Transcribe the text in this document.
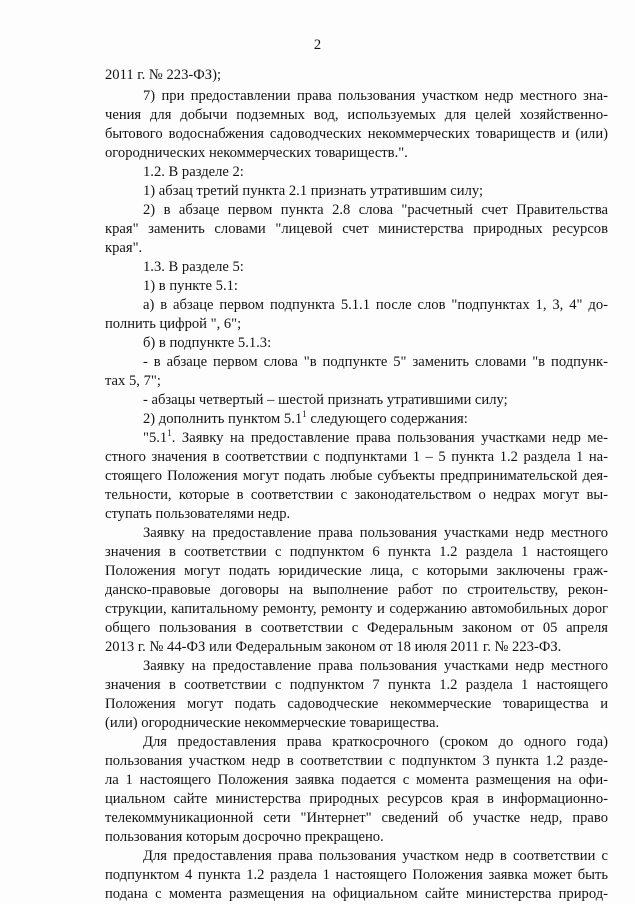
2
2011 г. № 223-ФЗ);
7) при предоставлении права пользования участком недр местного зна-
чения для добычи подземных вод, используемых для целей хозяйственно-
бытового водоснабжения садоводческих некоммерческих товариществ и (или)
огороднических некоммерческих товариществ.".
1.2. В разделе 2:
1) абзац третий пункта 2.1 признать утратившим силу;
2) в абзаце первом пункта 2.8 слова "расчетный счет Правительства
края" заменить словами "лицевой счет министерства природных ресурсов
края".
1.3. В разделе 5:
1) в пункте 5.1:
а) в абзаце первом подпункта 5.1.1 после слов "подпунктах 1, 3, 4" до-
полнить цифрой ", 6";
б) в подпункте 5.1.3:
- в абзаце первом слова "в подпункте 5" заменить словами "в подпунк-
тах 5, 7";
- абзацы четвертый – шестой признать утратившими силу;
2) дополнить пунктом $5.1^1$ следующего содержания:
"$5.1^1$. Заявку на предоставление права пользования участками недр ме-
стного значения в соответствии с подпунктами 1 – 5 пункта 1.2 раздела 1 на-
стоящего Положения могут подать любые субъекты предпринимательской дея-
тельности, которые в соответствии с законодательством о недрах могут вы-
ступать пользователями недр.
Заявку на предоставление права пользования участками недр местного
значения в соответствии с подпунктом 6 пункта 1.2 раздела 1 настоящего
Положения могут подать юридические лица, с которыми заключены граж-
данско-правовые договоры на выполнение работ по строительству, рекон-
струкции, капитальному ремонту, ремонту и содержанию автомобильных дорог
общего пользования в соответствии с Федеральным законом от 05 апреля
2013 г. № 44-ФЗ или Федеральным законом от 18 июля 2011 г. № 223-ФЗ.
Заявку на предоставление права пользования участками недр местного
значения в соответствии с подпунктом 7 пункта 1.2 раздела 1 настоящего
Положения могут подать садоводческие некоммерческие товарищества и
(или) огороднические некоммерческие товарищества.
Для предоставления права краткосрочного (сроком до одного года)
пользования участком недр в соответствии с подпунктом 3 пункта 1.2 разде-
ла 1 настоящего Положения заявка подается с момента размещения на офи-
циальном сайте министерства природных ресурсов края в информационно-
телекоммуникационной сети "Интернет" сведений об участке недр, право
пользования которым досрочно прекращено.
Для предоставления права пользования участком недр в соответствии с
подпунктом 4 пункта 1.2 раздела 1 настоящего Положения заявка может быть
подана с момента размещения на официальном сайте министерства природ-
